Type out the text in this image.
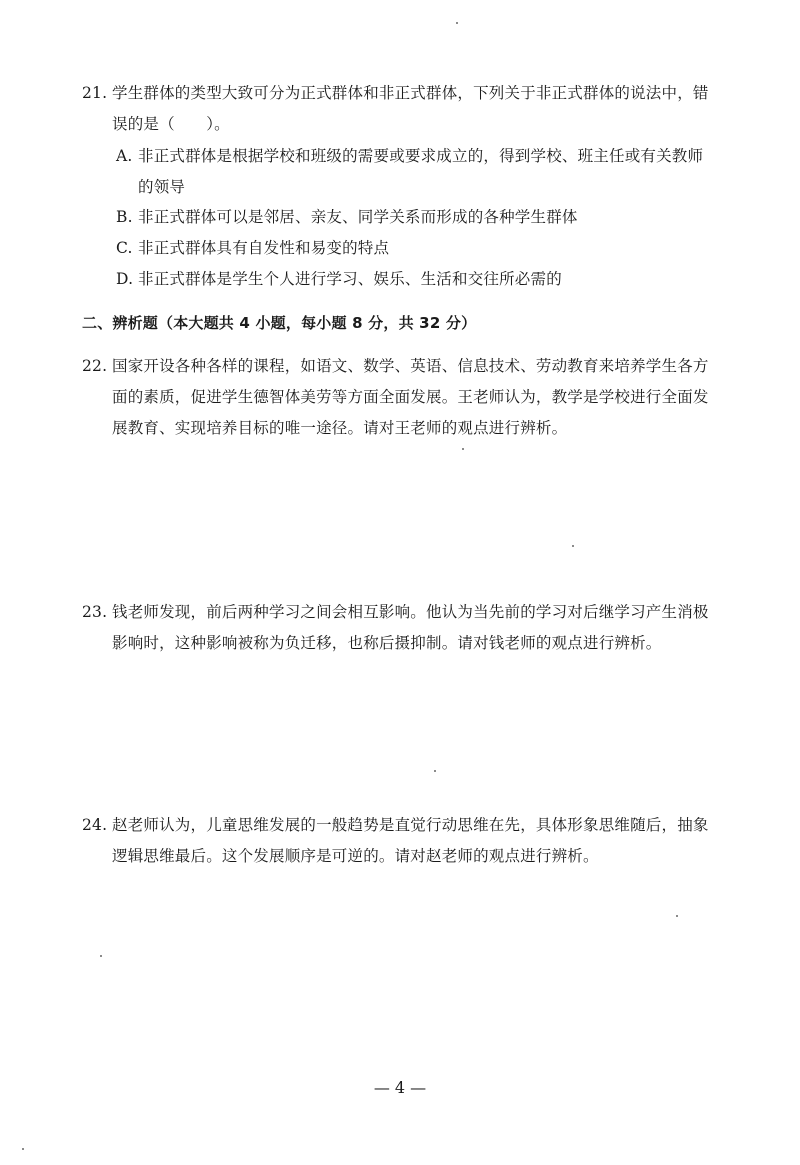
21. 学生群体的类型大致可分为正式群体和非正式群体，下列关于非正式群体的说法中，错
误的是（　　）。
A. 非正式群体是根据学校和班级的需要或要求成立的，得到学校、班主任或有关教师
的领导
B. 非正式群体可以是邻居、亲友、同学关系而形成的各种学生群体
C. 非正式群体具有自发性和易变的特点
D. 非正式群体是学生个人进行学习、娱乐、生活和交往所必需的
二、辨析题（本大题共 4 小题，每小题 8 分，共 32 分）
22. 国家开设各种各样的课程，如语文、数学、英语、信息技术、劳动教育来培养学生各方
面的素质，促进学生德智体美劳等方面全面发展。王老师认为，教学是学校进行全面发
展教育、实现培养目标的唯一途径。请对王老师的观点进行辨析。
23. 钱老师发现，前后两种学习之间会相互影响。他认为当先前的学习对后继学习产生消极
影响时，这种影响被称为负迁移，也称后摄抑制。请对钱老师的观点进行辨析。
24. 赵老师认为，儿童思维发展的一般趋势是直觉行动思维在先，具体形象思维随后，抽象
逻辑思维最后。这个发展顺序是可逆的。请对赵老师的观点进行辨析。
— 4 —
